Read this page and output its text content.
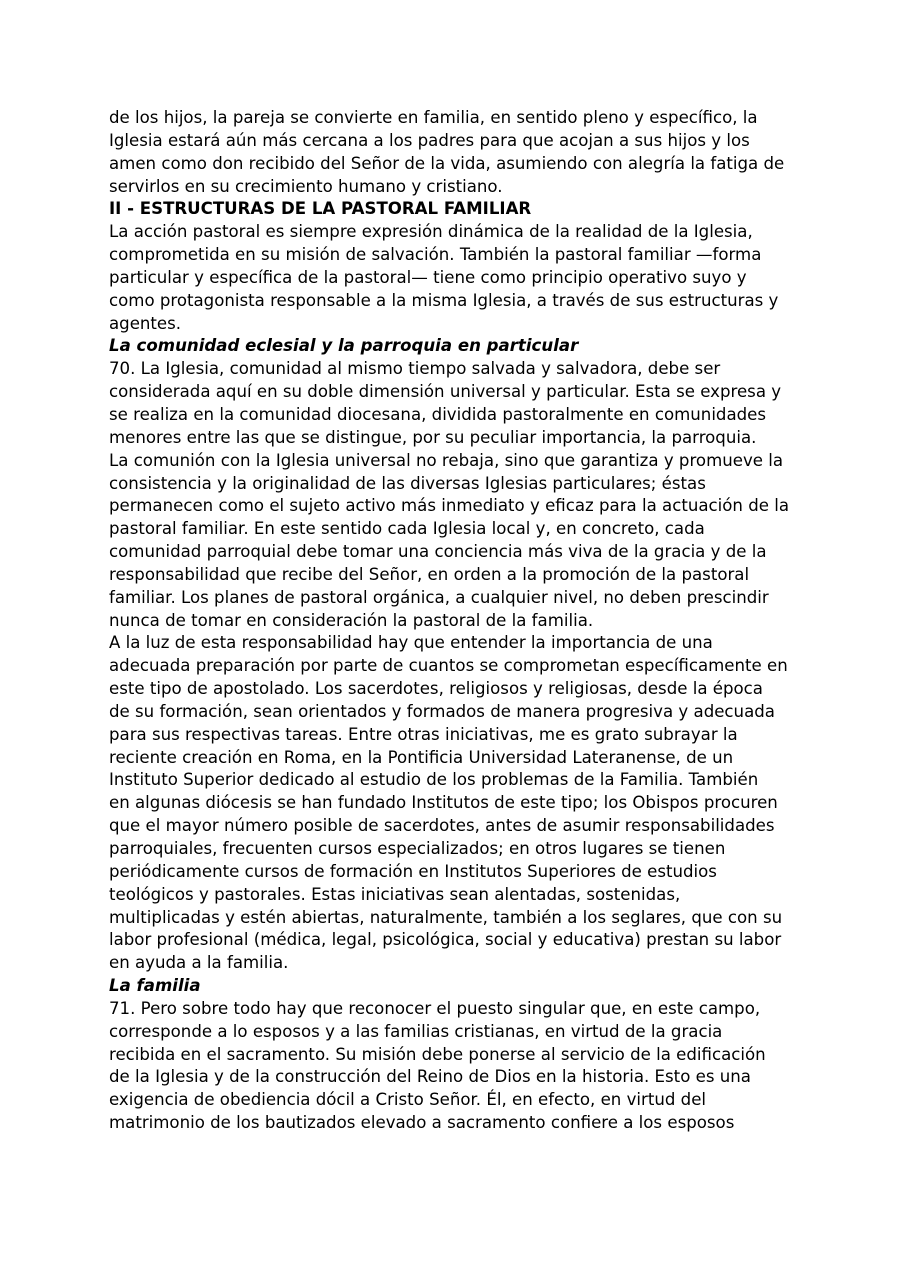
de los hijos, la pareja se convierte en familia, en sentido pleno y específico, la
Iglesia estará aún más cercana a los padres para que acojan a sus hijos y los
amen como don recibido del Señor de la vida, asumiendo con alegría la fatiga de
servirlos en su crecimiento humano y cristiano.
II - ESTRUCTURAS DE LA PASTORAL FAMILIAR
La acción pastoral es siempre expresión dinámica de la realidad de la Iglesia,
comprometida en su misión de salvación. También la pastoral familiar —forma
particular y específica de la pastoral— tiene como principio operativo suyo y
como protagonista responsable a la misma Iglesia, a través de sus estructuras y
agentes.
La comunidad eclesial y la parroquia en particular
70. La Iglesia, comunidad al mismo tiempo salvada y salvadora, debe ser
considerada aquí en su doble dimensión universal y particular. Esta se expresa y
se realiza en la comunidad diocesana, dividida pastoralmente en comunidades
menores entre las que se distingue, por su peculiar importancia, la parroquia.
La comunión con la Iglesia universal no rebaja, sino que garantiza y promueve la
consistencia y la originalidad de las diversas Iglesias particulares; éstas
permanecen como el sujeto activo más inmediato y eficaz para la actuación de la
pastoral familiar. En este sentido cada Iglesia local y, en concreto, cada
comunidad parroquial debe tomar una conciencia más viva de la gracia y de la
responsabilidad que recibe del Señor, en orden a la promoción de la pastoral
familiar. Los planes de pastoral orgánica, a cualquier nivel, no deben prescindir
nunca de tomar en consideración la pastoral de la familia.
A la luz de esta responsabilidad hay que entender la importancia de una
adecuada preparación por parte de cuantos se comprometan específicamente en
este tipo de apostolado. Los sacerdotes, religiosos y religiosas, desde la época
de su formación, sean orientados y formados de manera progresiva y adecuada
para sus respectivas tareas. Entre otras iniciativas, me es grato subrayar la
reciente creación en Roma, en la Pontificia Universidad Lateranense, de un
Instituto Superior dedicado al estudio de los problemas de la Familia. También
en algunas diócesis se han fundado Institutos de este tipo; los Obispos procuren
que el mayor número posible de sacerdotes, antes de asumir responsabilidades
parroquiales, frecuenten cursos especializados; en otros lugares se tienen
periódicamente cursos de formación en Institutos Superiores de estudios
teológicos y pastorales. Estas iniciativas sean alentadas, sostenidas,
multiplicadas y estén abiertas, naturalmente, también a los seglares, que con su
labor profesional (médica, legal, psicológica, social y educativa) prestan su labor
en ayuda a la familia.
La familia
71. Pero sobre todo hay que reconocer el puesto singular que, en este campo,
corresponde a lo esposos y a las familias cristianas, en virtud de la gracia
recibida en el sacramento. Su misión debe ponerse al servicio de la edificación
de la Iglesia y de la construcción del Reino de Dios en la historia. Esto es una
exigencia de obediencia dócil a Cristo Señor. Él, en efecto, en virtud del
matrimonio de los bautizados elevado a sacramento confiere a los esposos
